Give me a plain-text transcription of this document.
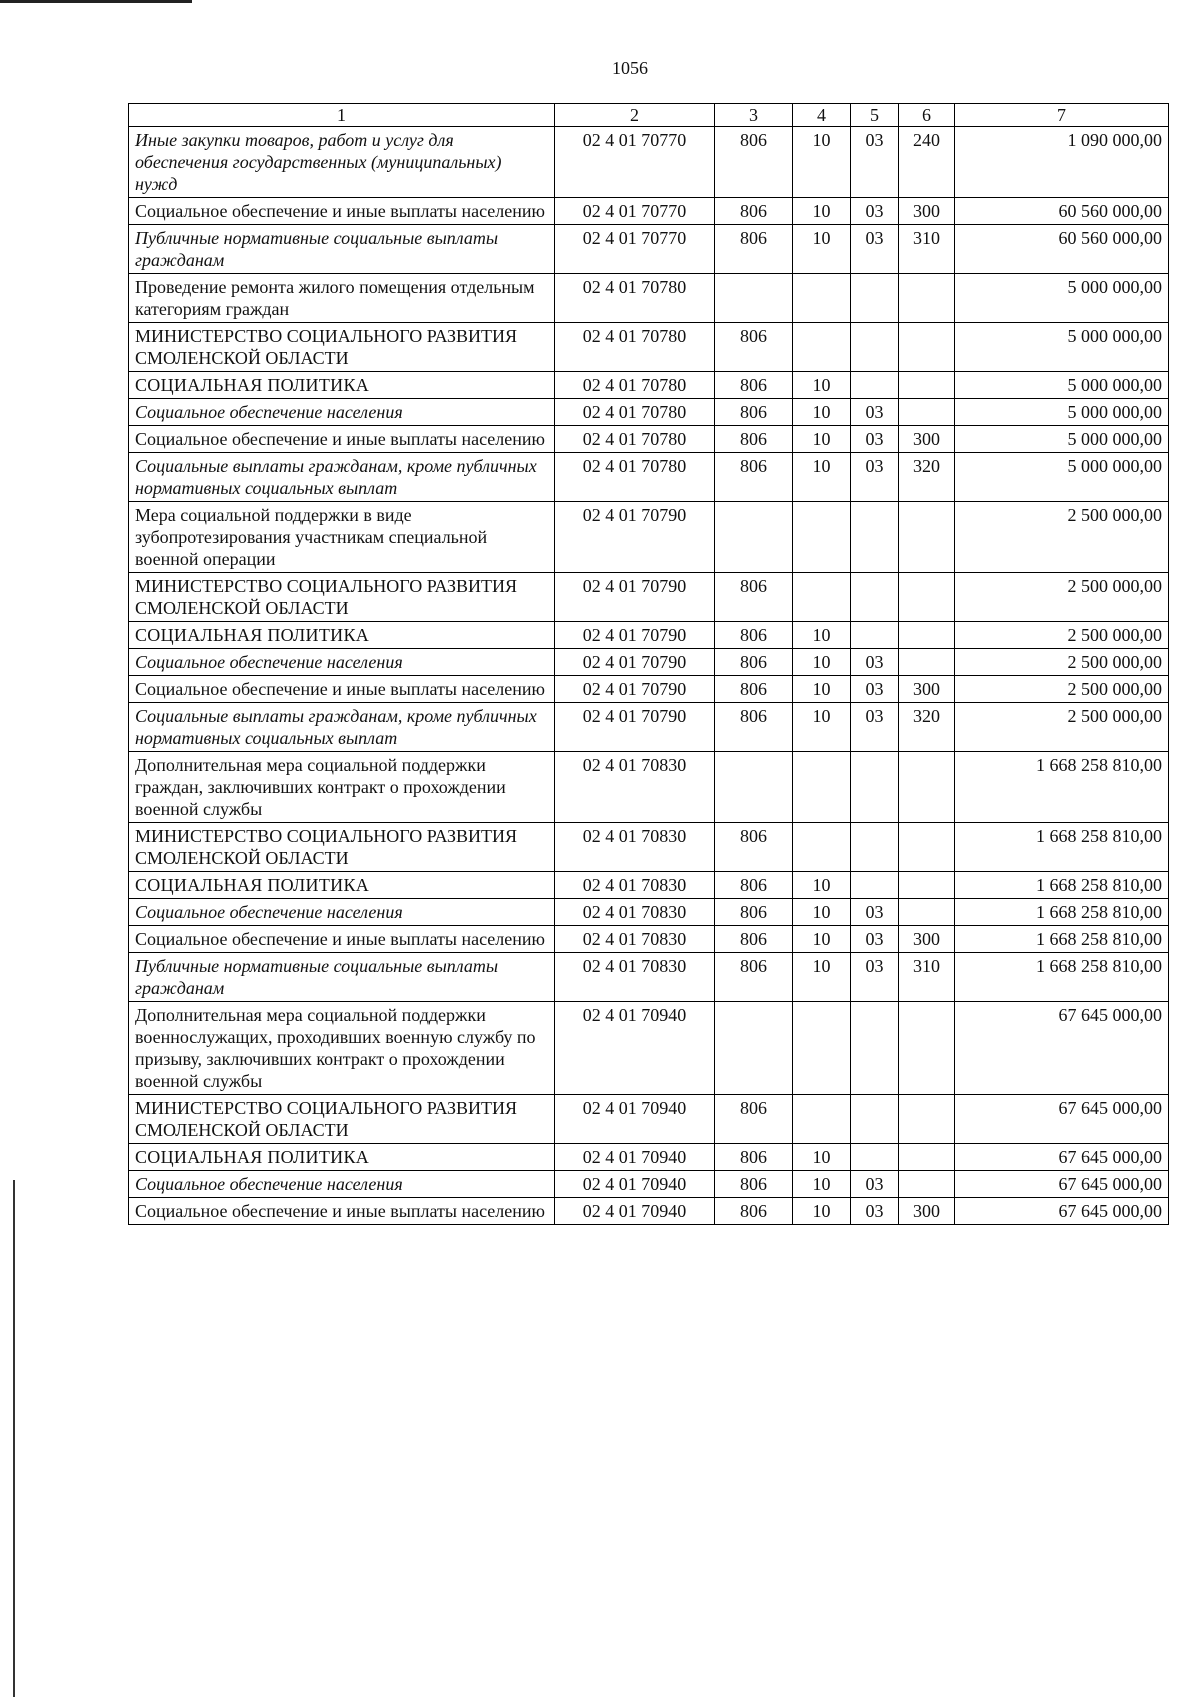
1056
1	2	3	4	5	6	7
Иные закупки товаров, работ и услуг для обеспечения государственных (муниципальных) нужд	02 4 01 70770	806	10	03	240	1 090 000,00
Социальное обеспечение и иные выплаты населению	02 4 01 70770	806	10	03	300	60 560 000,00
Публичные нормативные социальные выплаты гражданам	02 4 01 70770	806	10	03	310	60 560 000,00
Проведение ремонта жилого помещения отдельным категориям граждан	02 4 01 70780					5 000 000,00
МИНИСТЕРСТВО СОЦИАЛЬНОГО РАЗВИТИЯ СМОЛЕНСКОЙ ОБЛАСТИ	02 4 01 70780	806				5 000 000,00
СОЦИАЛЬНАЯ ПОЛИТИКА	02 4 01 70780	806	10			5 000 000,00
Социальное обеспечение населения	02 4 01 70780	806	10	03		5 000 000,00
Социальное обеспечение и иные выплаты населению	02 4 01 70780	806	10	03	300	5 000 000,00
Социальные выплаты гражданам, кроме публичных нормативных социальных выплат	02 4 01 70780	806	10	03	320	5 000 000,00
Мера социальной поддержки в виде зубопротезирования участникам специальной военной операции	02 4 01 70790					2 500 000,00
МИНИСТЕРСТВО СОЦИАЛЬНОГО РАЗВИТИЯ СМОЛЕНСКОЙ ОБЛАСТИ	02 4 01 70790	806				2 500 000,00
СОЦИАЛЬНАЯ ПОЛИТИКА	02 4 01 70790	806	10			2 500 000,00
Социальное обеспечение населения	02 4 01 70790	806	10	03		2 500 000,00
Социальное обеспечение и иные выплаты населению	02 4 01 70790	806	10	03	300	2 500 000,00
Социальные выплаты гражданам, кроме публичных нормативных социальных выплат	02 4 01 70790	806	10	03	320	2 500 000,00
Дополнительная мера социальной поддержки граждан, заключивших контракт о прохождении военной службы	02 4 01 70830					1 668 258 810,00
МИНИСТЕРСТВО СОЦИАЛЬНОГО РАЗВИТИЯ СМОЛЕНСКОЙ ОБЛАСТИ	02 4 01 70830	806				1 668 258 810,00
СОЦИАЛЬНАЯ ПОЛИТИКА	02 4 01 70830	806	10			1 668 258 810,00
Социальное обеспечение населения	02 4 01 70830	806	10	03		1 668 258 810,00
Социальное обеспечение и иные выплаты населению	02 4 01 70830	806	10	03	300	1 668 258 810,00
Публичные нормативные социальные выплаты гражданам	02 4 01 70830	806	10	03	310	1 668 258 810,00
Дополнительная мера социальной поддержки военнослужащих, проходивших военную службу по призыву, заключивших контракт о прохождении военной службы	02 4 01 70940					67 645 000,00
МИНИСТЕРСТВО СОЦИАЛЬНОГО РАЗВИТИЯ СМОЛЕНСКОЙ ОБЛАСТИ	02 4 01 70940	806				67 645 000,00
СОЦИАЛЬНАЯ ПОЛИТИКА	02 4 01 70940	806	10			67 645 000,00
Социальное обеспечение населения	02 4 01 70940	806	10	03		67 645 000,00
Социальное обеспечение и иные выплаты населению	02 4 01 70940	806	10	03	300	67 645 000,00
